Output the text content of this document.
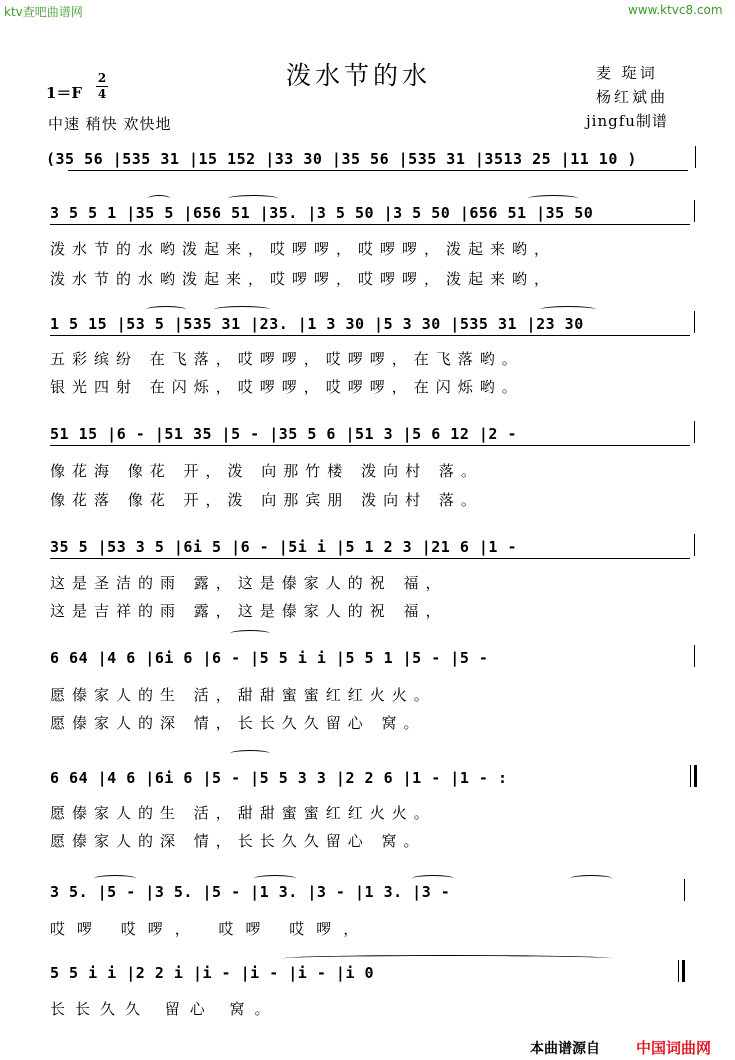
ktv查吧曲谱网	www.ktvc8.com
泼水节的水	麦 琁词
杨红斌曲
jingfu制谱
1＝F
2
4
中速 稍快 欢快地
(35 56 |535 31 |15 152 |33 30 |35 56 |535 31 |3513 25 |11 10 )
3 5 5 1 |35 5 |656 51 |35. |3 5 50 |3 5 50 |656 51 |35 50
泼水节的水哟泼起来，哎啰啰，哎啰啰，泼起来哟，
泼水节的水哟泼起来，哎啰啰，哎啰啰，泼起来哟，
1 5 15 |53 5 |535 31 |23. |1 3 30 |5 3 30 |535 31 |23 30
五彩缤纷 在飞落，哎啰啰，哎啰啰，在飞落哟。
银光四射 在闪烁，哎啰啰，哎啰啰，在闪烁哟。
51 15 |6 - |51 35 |5 - |35 5 6 |51 3 |5 6 12 |2 -
像花海 像花 开，泼 向那竹楼 泼向村 落。
像花落 像花 开，泼 向那宾朋 泼向村 落。
35 5 |53 3 5 |6i 5 |6 - |5i i |5 1 2 3 |21 6 |1 -
这是圣洁的雨 露，这是傣家人的祝 福，
这是吉祥的雨 露，这是傣家人的祝 福，
6 64 |4 6 |6i 6 |6 - |5 5 i i |5 5 1 |5 - |5 -
愿傣家人的生 活，甜甜蜜蜜红红火火。
愿傣家人的深 情，长长久久留心 窝。
6 64 |4 6 |6i 6 |5 - |5 5 3 3 |2 2 6 |1 - |1 - :
愿傣家人的生 活，甜甜蜜蜜红红火火。
愿傣家人的深 情，长长久久留心 窝。
3 5. |5 - |3 5. |5 - |1 3. |3 - |1 3. |3 -
哎啰 哎啰， 哎啰 哎啰，
5 5 i i |2 2 i |i - |i - |i - |i 0
长长久久 留心 窝。
本曲谱源自 中国词曲网
